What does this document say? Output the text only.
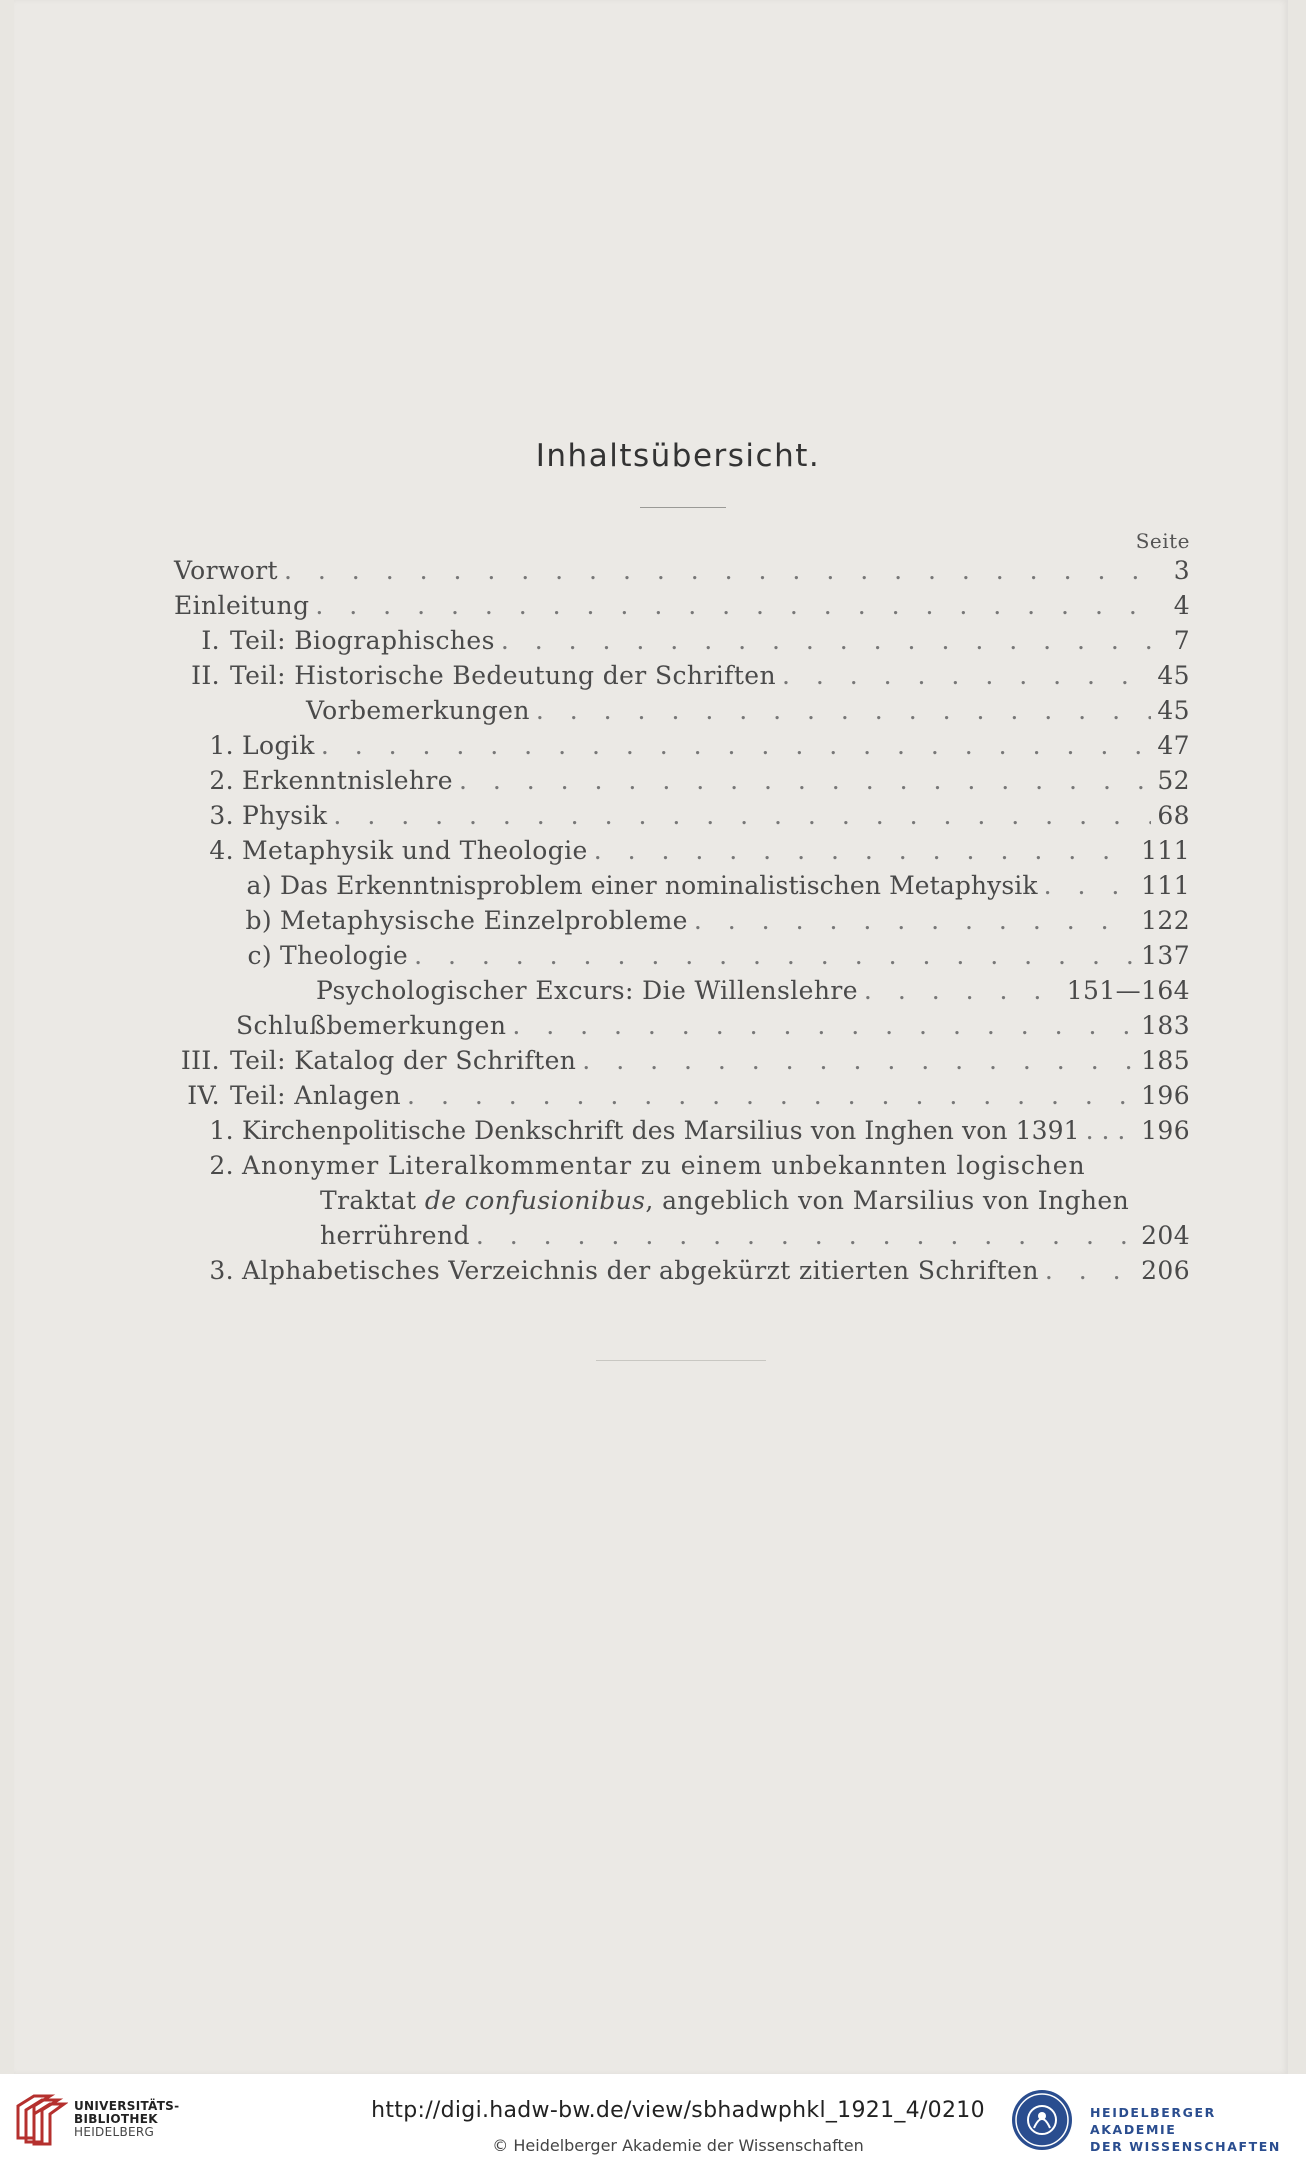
Inhaltsübersicht.
Seite
Vorwort . . .	3
Einleitung . . .	4
I. Teil: Biographisches . . .	7
II. Teil: Historische Bedeutung der Schriften . . .	45
Vorbemerkungen . . .	45
1. Logik . . .	47
2. Erkenntnislehre . . .	52
3. Physik . . .	68
4. Metaphysik und Theologie . . .	111
a) Das Erkenntnisproblem einer nominalistischen Metaphysik . . .	111
b) Metaphysische Einzelprobleme . . .	122
c) Theologie . . .	137
Psychologischer Excurs: Die Willenslehre . . .	151—164
Schlußbemerkungen . . .	183
III. Teil: Katalog der Schriften . . .	185
IV. Teil: Anlagen . . .	196
1. Kirchenpolitische Denkschrift des Marsilius von Inghen von 1391 . . . 196
2. Anonymer Literalkommentar zu einem unbekannten logischen
Traktat de confusionibus, angeblich von Marsilius von Inghen
herrührend . . .	204
3. Alphabetisches Verzeichnis der abgekürzt zitierten Schriften . . .	206
UNIVERSITÄTS-
BIBLIOTHEK
HEIDELBERG
http://digi.hadw-bw.de/view/sbhadwphkl_1921_4/0210
© Heidelberger Akademie der Wissenschaften
HEIDELBERGER AKADEMIE
DER WISSENSCHAFTEN
